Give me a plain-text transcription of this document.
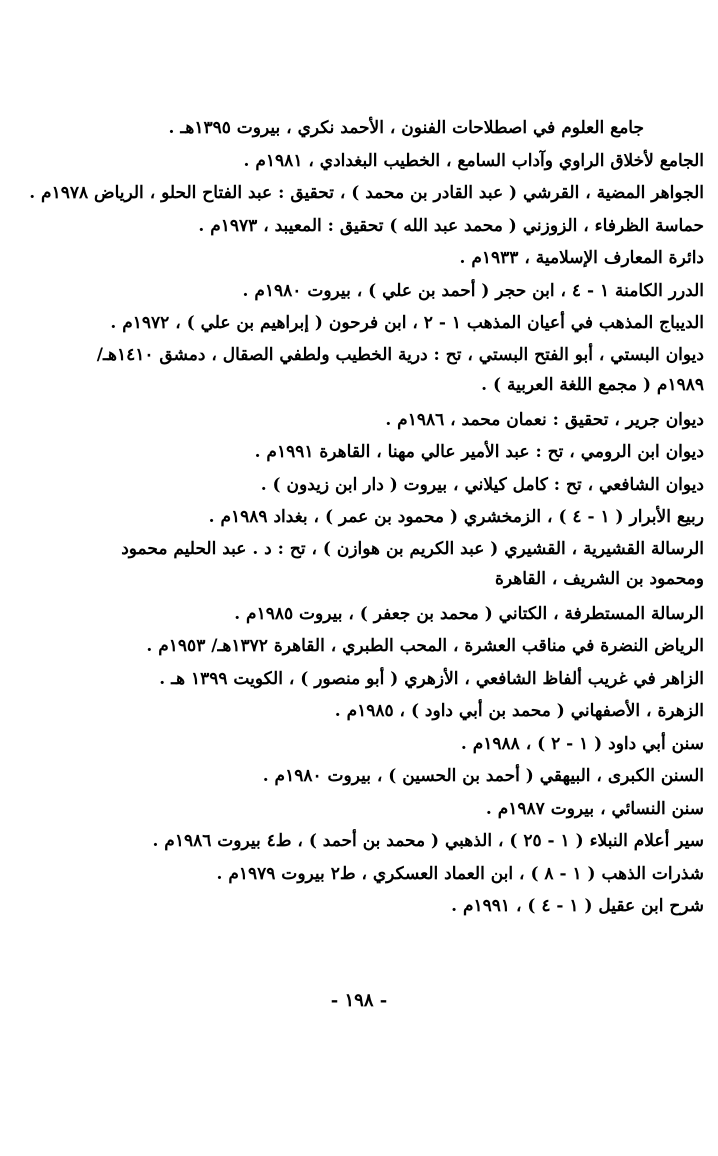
جامع العلوم في اصطلاحات الفنون ، الأحمد نكري ، بيروت ١٣٩٥هـ .
الجامع لأخلاق الراوي وآداب السامع ، الخطيب البغدادي ، ١٩٨١م .
الجواهر المضية ، القرشي ( عبد القادر بن محمد ) ، تحقيق : عبد الفتاح الحلو ، الرياض ١٩٧٨م .
حماسة الظرفاء ، الزوزني ( محمد عبد الله ) تحقيق : المعيبد ، ١٩٧٣م .
دائرة المعارف الإسلامية ، ١٩٣٣م .
الدرر الكامنة ١ - ٤ ، ابن حجر ( أحمد بن علي ) ، بيروت ١٩٨٠م .
الديباج المذهب في أعيان المذهب ١ - ٢ ، ابن فرحون ( إبراهيم بن علي ) ، ١٩٧٢م .
ديوان البستي ، أبو الفتح البستي ، تح : درية الخطيب ولطفي الصقال ، دمشق ١٤١٠هـ/ ١٩٨٩م ( مجمع اللغة العربية ) .
ديوان جرير ، تحقيق : نعمان محمد ، ١٩٨٦م .
ديوان ابن الرومي ، تح : عبد الأمير عالي مهنا ، القاهرة ١٩٩١م .
ديوان الشافعي ، تح : كامل كيلاني ، بيروت ( دار ابن زيدون ) .
ربيع الأبرار ( ١ - ٤ ) ، الزمخشري ( محمود بن عمر ) ، بغداد ١٩٨٩م .
الرسالة القشيرية ، القشيري ( عبد الكريم بن هوازن ) ، تح : د . عبد الحليم محمود ومحمود بن الشريف ، القاهرة
الرسالة المستطرفة ، الكتاني ( محمد بن جعفر ) ، بيروت ١٩٨٥م .
الرياض النضرة في مناقب العشرة ، المحب الطبري ، القاهرة ١٣٧٢هـ/ ١٩٥٣م .
الزاهر في غريب ألفاظ الشافعي ، الأزهري ( أبو منصور ) ، الكويت ١٣٩٩ هـ .
الزهرة ، الأصفهاني ( محمد بن أبي داود ) ، ١٩٨٥م .
سنن أبي داود ( ١ - ٢ ) ، ١٩٨٨م .
السنن الكبرى ، البيهقي ( أحمد بن الحسين ) ، بيروت ١٩٨٠م .
سنن النسائي ، بيروت ١٩٨٧م .
سير أعلام النبلاء ( ١ - ٢٥ ) ، الذهبي ( محمد بن أحمد ) ، ط٤ بيروت ١٩٨٦م .
شذرات الذهب ( ١ - ٨ ) ، ابن العماد العسكري ، ط٢ بيروت ١٩٧٩م .
شرح ابن عقيل ( ١ - ٤ ) ، ١٩٩١م .
- ١٩٨ -
